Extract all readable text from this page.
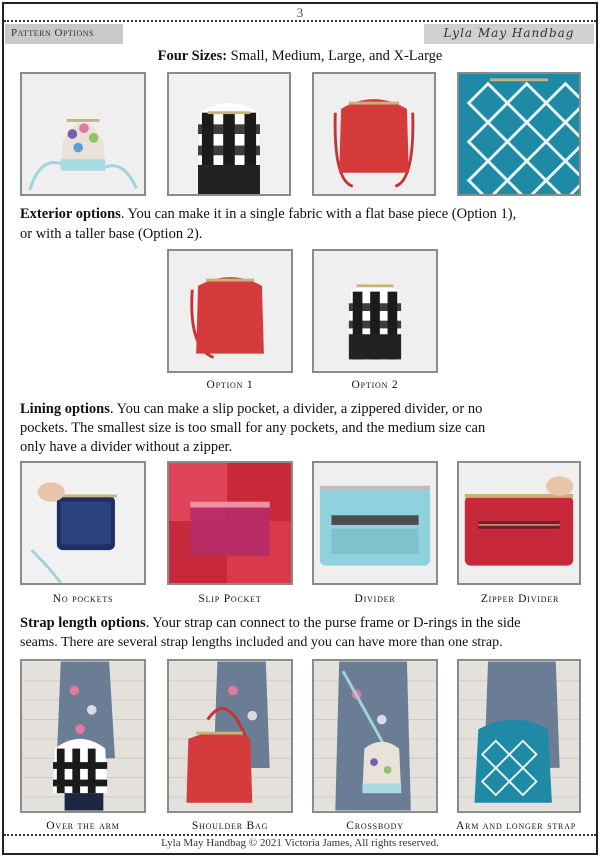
3
Pattern Options	Lyla May Handbag
Four Sizes: Small, Medium, Large, and X-Large
Exterior options. You can make it in a single fabric with a flat base piece (Option 1),
or with a taller base (Option 2).
Option 1	Option 2
Lining options. You can make a slip pocket, a divider, a zippered divider, or no
pockets. The smallest size is too small for any pockets, and the medium size can
only have a divider without a zipper.
No pockets	Slip Pocket	Divider	Zipper Divider
Strap length options. Your strap can connect to the purse frame or D-rings in the side
seams. There are several strap lengths included and you can have more than one strap.
Over the arm	Shoulder Bag	Crossbody	Arm and longer strap
Lyla May Handbag © 2021 Victoria James, All rights reserved.
